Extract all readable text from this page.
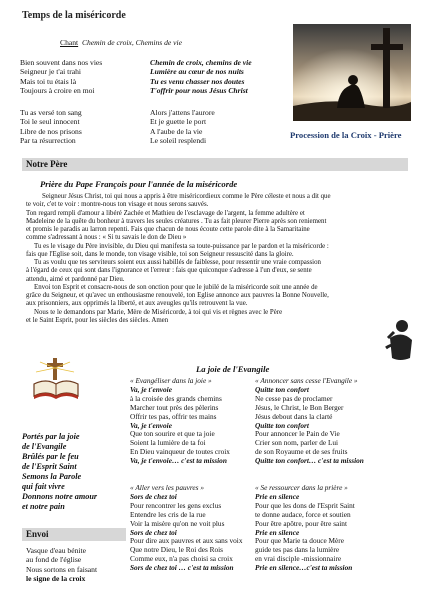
Temps de la miséricorde
Chant Chemin de croix, Chemins de vie
Bien souvent dans nos vies
Seigneur je t'ai trahi
Mais toi tu étais là
Toujours à croire en moi
Chemin de croix, chemins de vie
Lumière au cœur de nos nuits
Tu es venu chasser nos doutes
T'offrir pour nous Jésus Christ
Tu as versé ton sang
Toi le seul innocent
Libre de nos prisons
Par ta résurrection
Alors j'attens l'aurore
Et je guette le port
A l'aube de la vie
Le soleil resplendi
Procession de la Croix - Prière
Notre Père
Prière du Pape François pour l'année de la miséricorde
Seigneur Jésus Christ, toi qui nous a appris à être miséricordieux comme le Père céleste et nous a dit que
te voir, c'et te voir : montre-nous ton visage et nous serons sauvés.
Ton regard rempli d'amour a libéré Zachée et Mathieu de l'esclavage de l'argent, la femme adultère et
Madeleine de la quête du bonheur à travers les seules créatures . Tu as fait pleurer Pierre après son reniement
et promis le paradis au larron repenti. Fais que chacun de nous écoute cette parole dite à la Samaritaine
comme s'adressant à nous : « Si tu savais le don de Dieu »
Tu es le visage du Père invisible, du Dieu qui manifesta sa toute-puissance par le pardon et la miséricorde :
fais que l'Eglise soit, dans le monde, ton visage visible, toi son Seigneur ressuscité dans la gloire.
Tu as voulu que tes serviteurs soient eux aussi habillés de faiblesse, pour ressentir une vraie compassion
à l'égard de ceux qui sont dans l'ignorance et l'erreur : fais que quiconque s'adresse à l'un d'eux, se sente
attendu, aimé et pardonné par Dieu.
Envoi ton Esprit et consacre-nous de son onction pour que le jubilé de la miséricorde soit une année de
grâce du Seigneur, et qu'avec un enthousiasme renouvelé, ton Eglise annonce aux pauvres la Bonne Nouvelle,
aux prisonniers, aux opprimés la liberté, et aux aveugles qu'ils retrouvent la vue.
Nous te le demandons par Marie, Mère de Miséricorde, à toi qui vis et règnes avec le Père
et le Saint Esprit, pour les siècles des siècles. Amen
La joie de l'Evangile
Portés par la joie
de l'Evangile
Brûlés par le feu
de l'Esprit Saint
Semons la Parole
qui fait vivre
Donnons notre amour
et notre pain
Envoi
Vasque d'eau bénite
au fond de l'église
Nous sortons en faisant
le signe de la croix
« Evangéliser dans la joie »
Va, je t'envoie
à la croisée des grands chemins
Marcher tout près des pèlerins
Offrir tes pas, offrir tes mains
Va, je t'envoie
Que ton sourire et que ta joie
Soient la lumière de ta foi
En Dieu vainqueur de toutes croix
Va, je t'envoie… c'est ta mission
« Annoncer sans cesse l'Evangile »
Quitte ton confort
Ne cesse pas de proclamer
Jésus, le Christ, le Bon Berger
Jésus debout dans la clarté
Quitte ton confort
Pour annoncer le Pain de Vie
Crier son nom, parler de Lui
de son Royaume et de ses fruits
Quitte ton confort… c'est ta mission
« Aller vers les pauvres »
Sors de chez toi
Pour rencontrer les gens exclus
Entendre les cris de la rue
Voir la misère qu'on ne voit plus
Sors de chez toi
Pour dire aux pauvres et aux sans voix
Que notre Dieu, le Roi des Rois
Comme eux, n'a pas choisi sa croix
Sors de chez toi … c'est ta mission
« Se ressourcer dans la prière »
Prie en silence
Pour que les dons de l'Esprit Saint
te donne audace, force et soutien
Pour être apôtre, pour être saint
Prie en silence
Pour que Marie ta douce Mère
guide tes pas dans la lumière
en vrai disciple -missionnaire
Prie en silence…c'est ta mission
